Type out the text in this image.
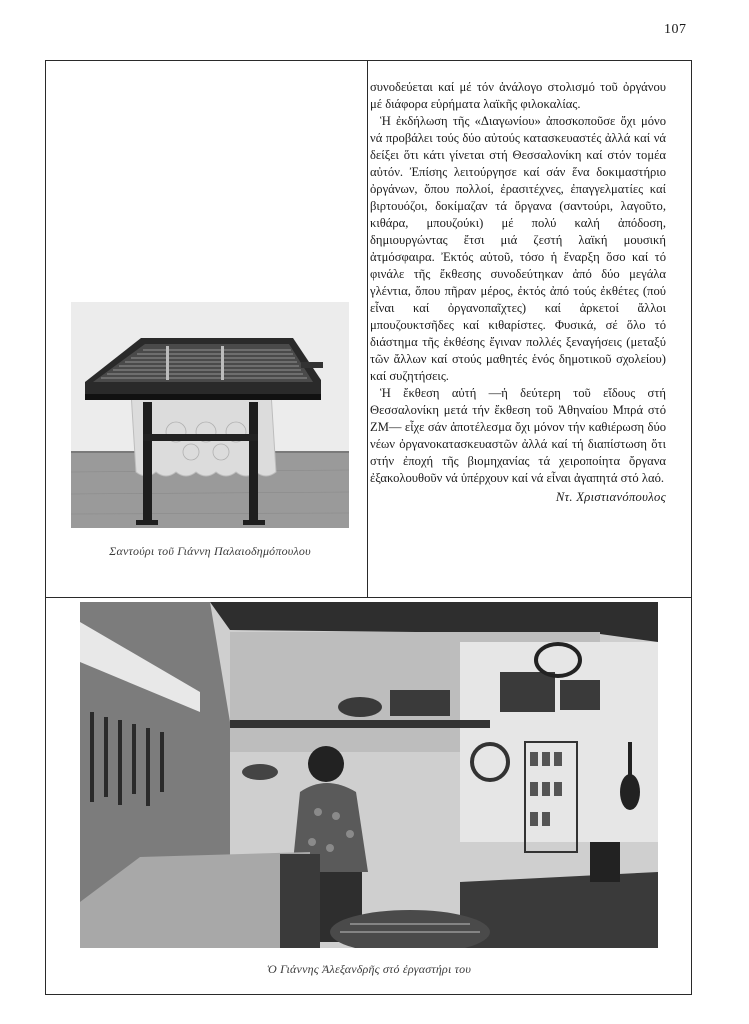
107

συνοδεύεται καί μέ τόν ἀνάλογο στολισμό τοῦ ὀργάνου μέ διάφορα εὑρήματα λαϊκῆς φιλοκαλίας.

Ἡ ἐκδήλωση τῆς «Διαγωνίου» ἀποσκοποῦσε ὄχι μόνο νά προβάλει τούς δύο αὐτούς κατασκευαστές ἀλλά καί νά δείξει ὅτι κάτι γίνεται στή Θεσσαλονίκη καί στόν τομέα αὐτόν. Ἐπίσης λειτούργησε καί σάν ἕνα δοκιμαστήριο ὀργάνων, ὅπου πολλοί, ἐρασιτέχνες, ἐπαγγελματίες καί βιρτουόζοι, δοκίμαζαν τά ὄργανα (σαντούρι, λαγοῦτο, κιθάρα, μπουζούκι) μέ πολύ καλή ἀπόδοση, δημιουργώντας ἔτσι μιά ζεστή λαϊκή μουσική ἀτμόσφαιρα. Ἐκτός αὐτοῦ, τόσο ἡ ἔναρξη ὅσο καί τό φινάλε τῆς ἔκθεσης συνοδεύτηκαν ἀπό δύο μεγάλα γλέντια, ὅπου πῆραν μέρος, ἐκτός ἀπό τούς ἐκθέτες (πού εἶναι καί ὀργανοπαῖχτες) καί ἀρκετοί ἄλλοι μπουζουκτσῆδες καί κιθαρίστες. Φυσικά, σέ ὅλο τό διάστημα τῆς ἐκθέσης ἔγιναν πολλές ξεναγήσεις (μεταξύ τῶν ἄλλων καί στούς μαθητές ἑνός δημοτικοῦ σχολείου) καί συζητήσεις.

Ἡ ἔκθεση αὐτή —ἡ δεύτερη τοῦ εἴδους στή Θεσσαλονίκη μετά τήν ἔκθεση τοῦ Ἀθηναίου Μπρά στό ΖΜ— εἶχε σάν ἀποτέλεσμα ὄχι μόνον τήν καθιέρωση δύο νέων ὀργανοκατασκευαστῶν ἀλλά καί τή διαπίστωση ὅτι στήν ἐποχή τῆς βιομηχανίας τά χειροποίητα ὄργανα ἐξακολουθοῦν νά ὑπέρχουν καί νά εἶναι ἀγαπητά στό λαό.

Ντ. Χριστιανόπουλος
Σαντούρι τοῦ Γιάννη Παλαιοδημόπουλου
Ὁ Γιάννης Ἀλεξανδρῆς στό ἐργαστήρι του
